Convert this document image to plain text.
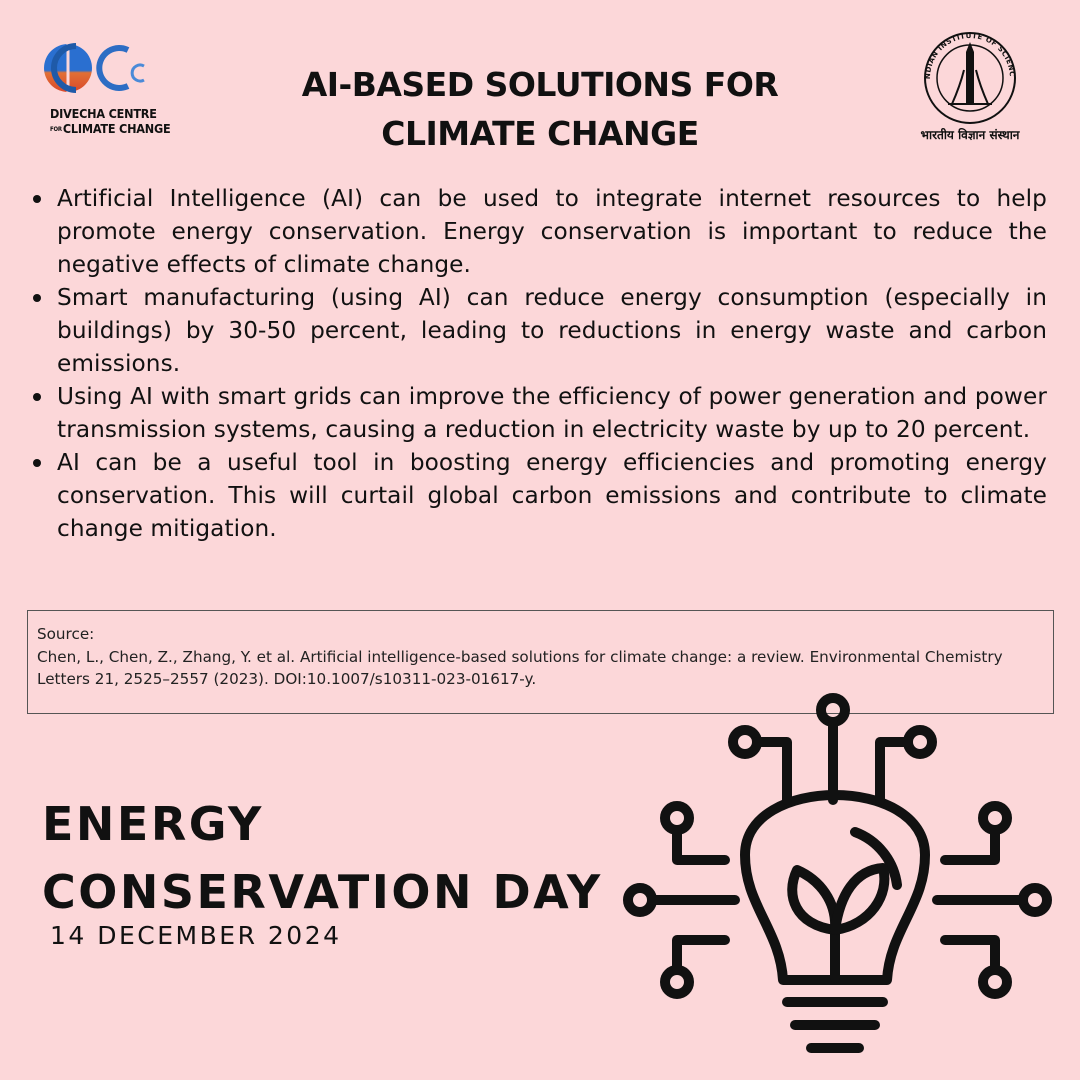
DIVECHA CENTRE
FORCLIMATE CHANGE
AI-BASED SOLUTIONS FOR
CLIMATE CHANGE
NDIAN INSTITUTE OF SCIENC
भारतीय विज्ञान संस्थान
Artificial Intelligence (AI) can be used to integrate internet resources to help promote energy conservation. Energy conservation is important to reduce the negative effects of climate change.
Smart manufacturing (using AI) can reduce energy consumption (especially in buildings) by 30-50 percent, leading to reductions in energy waste and carbon emissions.
Using AI with smart grids can improve the efficiency of power generation and power transmission systems, causing a reduction in electricity waste by up to 20 percent.
AI can be a useful tool in boosting energy efficiencies and promoting energy conservation. This will curtail global carbon emissions and contribute to climate change mitigation.
Source:
Chen, L., Chen, Z., Zhang, Y. et al. Artificial intelligence-based solutions for climate change: a review. Environmental Chemistry Letters 21, 2525–2557 (2023). DOI:10.1007/s10311-023-01617-y.
ENERGY
CONSERVATION DAY
14 DECEMBER 2024
